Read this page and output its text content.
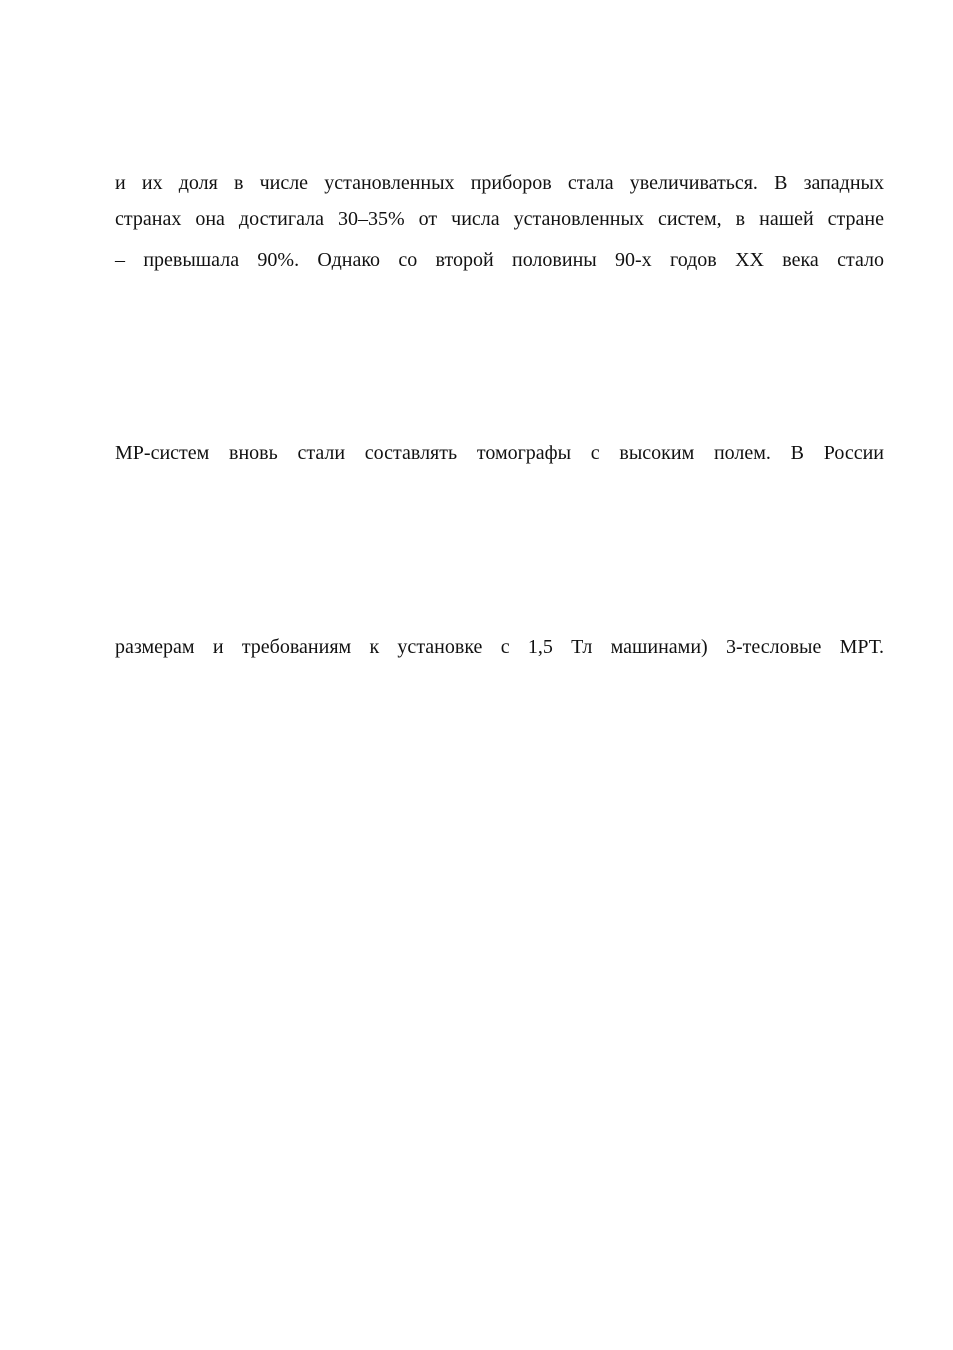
и их доля в числе установленных приборов стала увеличиваться. В западных
странах она достигала 30–35% от числа установленных систем, в нашей стране
– превышала 90%. Однако со второй половины 90-х годов XX века стало
МР-систем вновь стали составлять томографы с высоким полем. В России
размерам и требованиям к установке с 1,5 Тл машинами) 3-тесловые МРТ.
